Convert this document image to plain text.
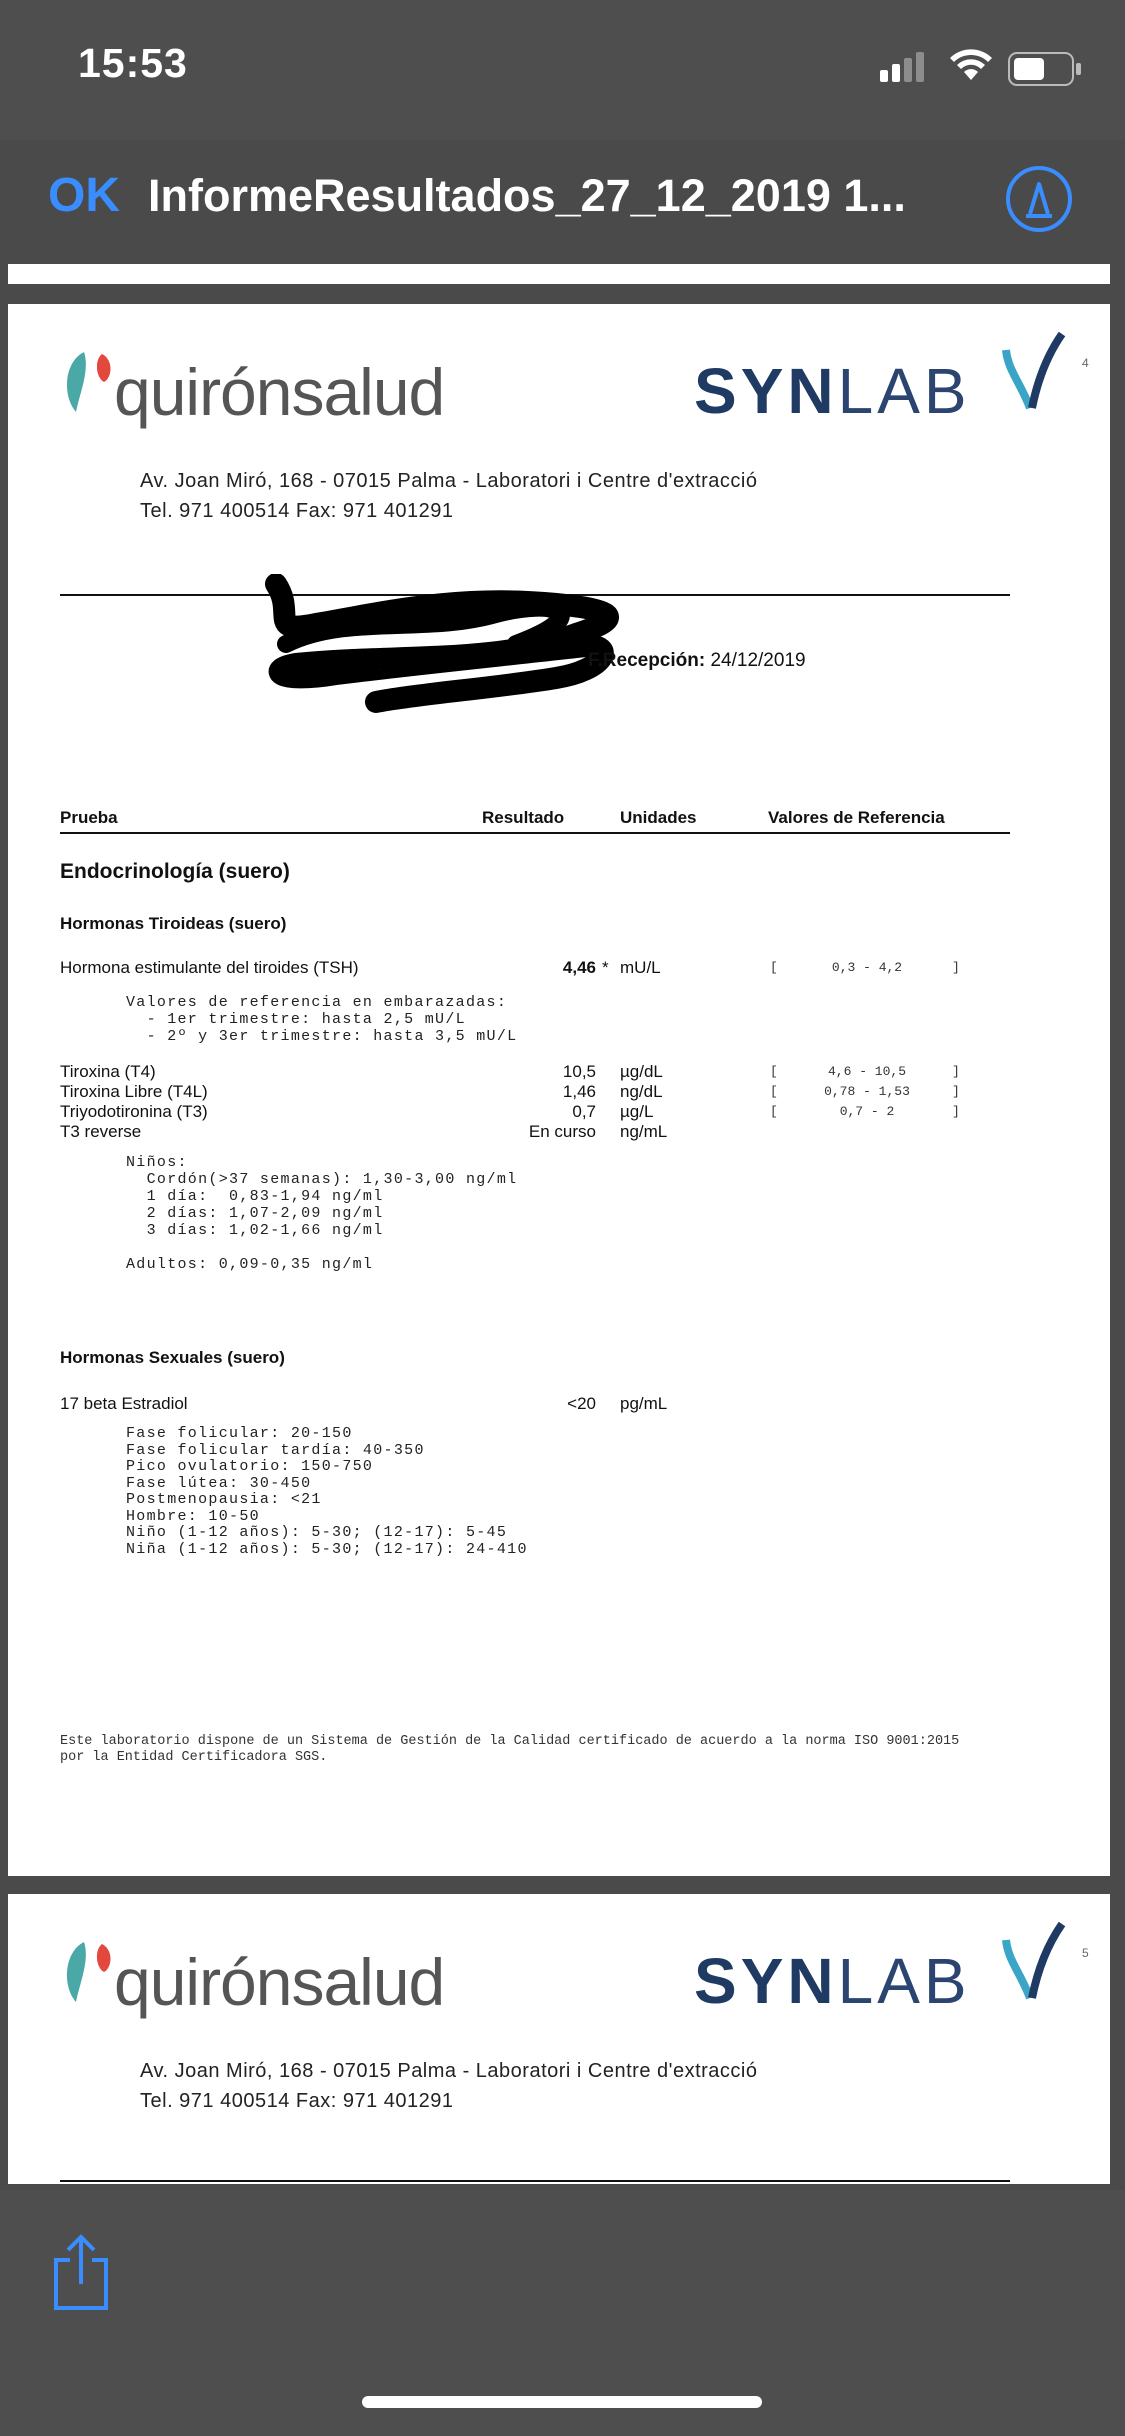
15:53
OK InformeResultados_27_12_2019 1...
quirónsalud	SYNLAB	4
Av. Joan Miró, 168 - 07015 Palma - Laboratori i Centre d'extracció
Tel. 971 400514 Fax: 971 401291
F.Recepción: 24/12/2019
Prueba	Resultado	Unidades	Valores de Referencia
Endocrinología (suero)
Hormonas Tiroideas (suero)
Hormona estimulante del tiroides (TSH)	4,46 * mU/L	[	0,3 - 4,2	]
Valores de referencia en embarazadas:
- 1er trimestre: hasta 2,5 mU/L
- 2º y 3er trimestre: hasta 3,5 mU/L
Tiroxina (T4)	10,5 µg/dL	[	4,6 - 10,5	]
Tiroxina Libre (T4L)	1,46 ng/dL	[	0,78 - 1,53	]
Triyodotironina (T3)	0,7 µg/L	[	0,7 - 2	]
T3 reverse	En curso ng/mL
Niños:
Cordón(>37 semanas): 1,30-3,00 ng/ml
1 día:  0,83-1,94 ng/ml
2 días: 1,07-2,09 ng/ml
3 días: 1,02-1,66 ng/ml
Adultos: 0,09-0,35 ng/ml
Hormonas Sexuales (suero)
17 beta Estradiol	<20 pg/mL
Fase folicular: 20-150
Fase folicular tardía: 40-350
Pico ovulatorio: 150-750
Fase lútea: 30-450
Postmenopausia: <21
Hombre: 10-50
Niño (1-12 años): 5-30; (12-17): 5-45
Niña (1-12 años): 5-30; (12-17): 24-410
Este laboratorio dispone de un Sistema de Gestión de la Calidad certificado de acuerdo a la norma ISO 9001:2015
por la Entidad Certificadora SGS.
quirónsalud	SYNLAB	5
Av. Joan Miró, 168 - 07015 Palma - Laboratori i Centre d'extracció
Tel. 971 400514 Fax: 971 401291
